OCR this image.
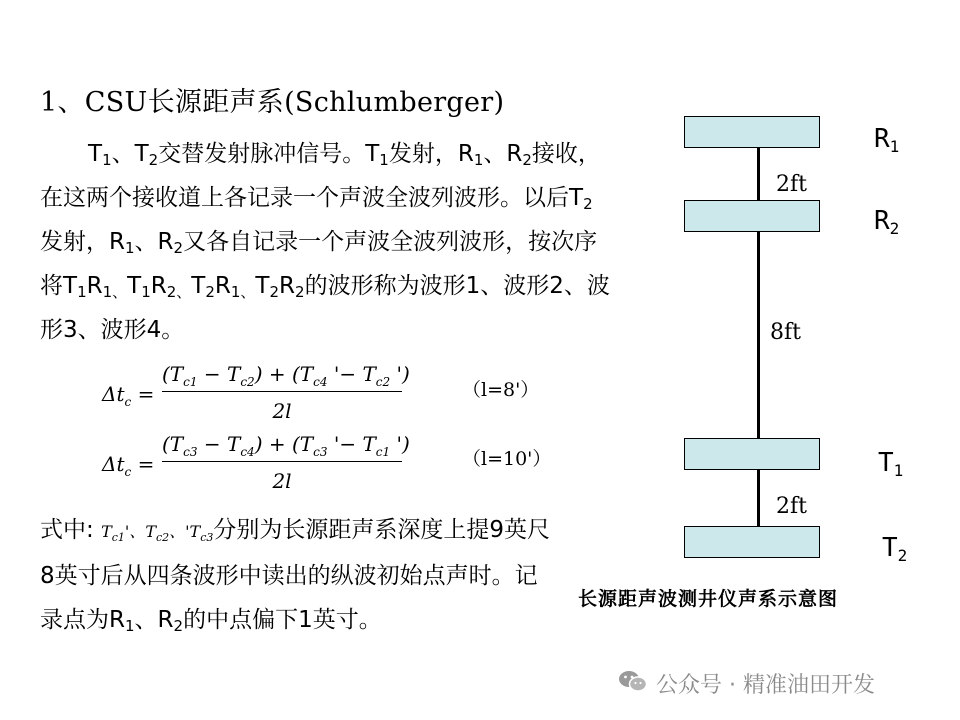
1、CSU长源距声系(Schlumberger)
$T_1$、$T_2$交替发射脉冲信号。$T_1$发射，$R_1$、$R_2$接收，在这两个接收道上各记录一个声波全波列波形。以后$T_2$发射，$R_1$、$R_2$又各自记录一个声波全波列波形，按次序将$T_1R_{1、}T_1R_{2、}T_2R_{1、}T_2R_2$的波形称为波形1、波形2、波形3、波形4。
$\Delta t_c$ =
$(T_{c1} - T_{c2}) + (T_{c4}$ '− $T_{c2}$ ')
2l
（l=8'）
$\Delta t_c$ =
$(T_{c3} - T_{c4}) + (T_{c3}$ '− $T_{c1}$ ')
2l
（l=10'）
式中: $T_{c1}'$、$T_{c2}$、'$T_{c3}$分别为长源距声系深度上提9英尺8英寸后从四条波形中读出的纵波初始点声时。记录点为$R_1$、$R_2$的中点偏下1英寸。
$R_1$
$R_2$
$T_1$
$T_2$
2ft
8ft
2ft
长源距声波测井仪声系示意图
公众号 · 精准油田开发
